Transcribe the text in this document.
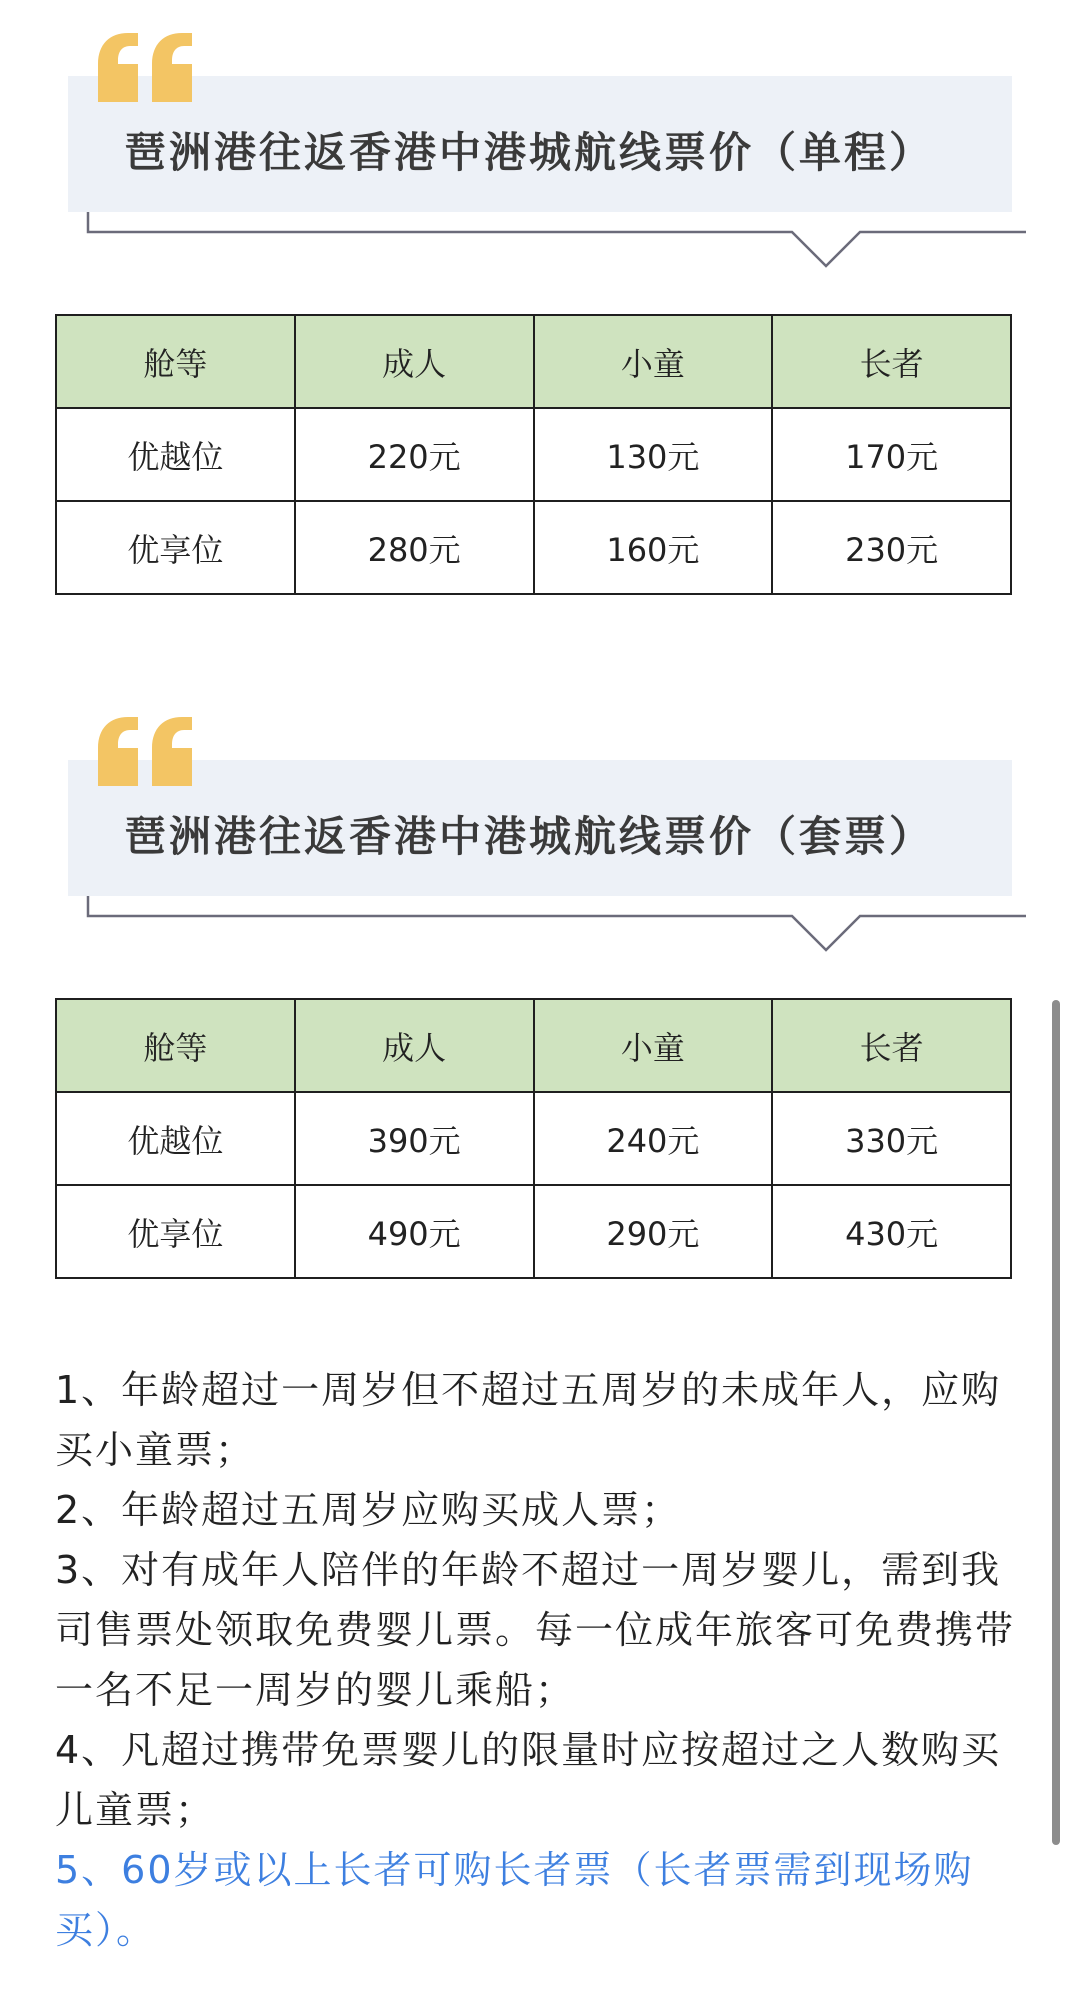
琶洲港往返香港中港城航线票价（单程）
舱等	成人	小童	长者
优越位	220元	130元	170元
优享位	280元	160元	230元
琶洲港往返香港中港城航线票价（套票）
舱等	成人	小童	长者
优越位	390元	240元	330元
优享位	490元	290元	430元

1、年龄超过一周岁但不超过五周岁的未成年人，应购买小童票；

2、年龄超过五周岁应购买成人票；

3、对有成年人陪伴的年龄不超过一周岁婴儿，需到我司售票处领取免费婴儿票。每一位成年旅客可免费携带一名不足一周岁的婴儿乘船；

4、凡超过携带免票婴儿的限量时应按超过之人数购买儿童票；

5、60岁或以上长者可购长者票（长者票需到现场购买）。
